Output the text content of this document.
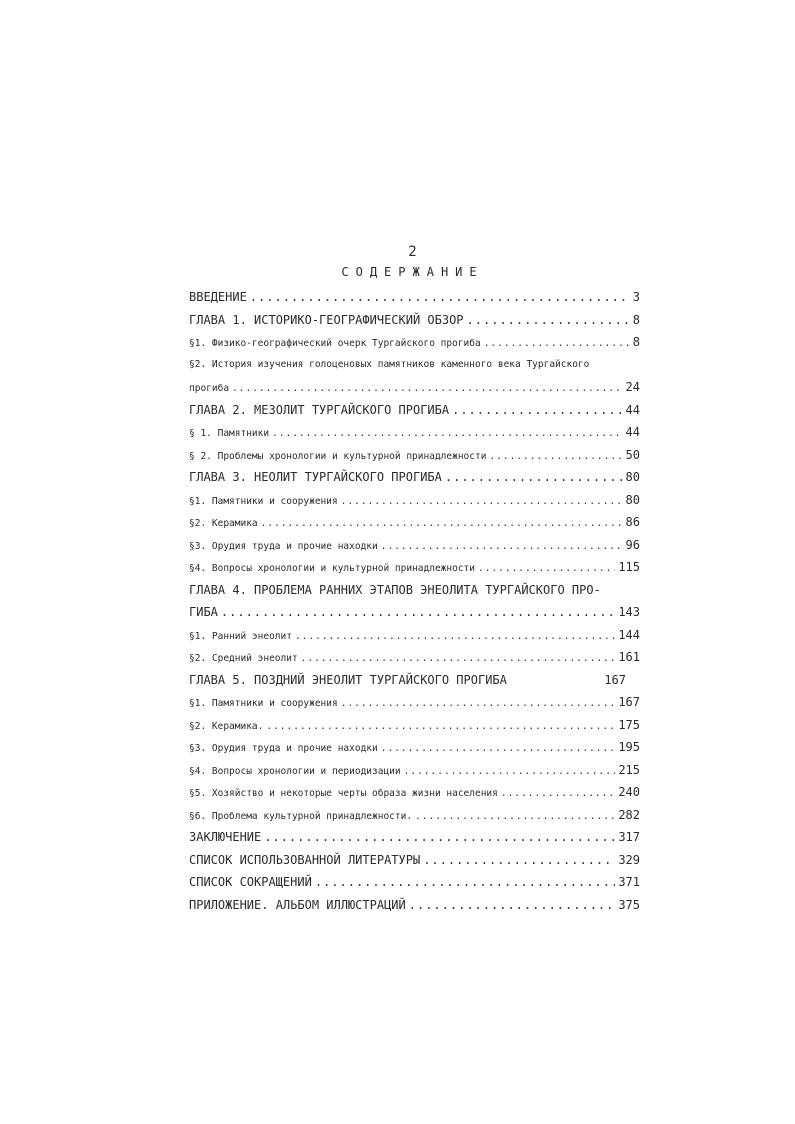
2
СОДЕРЖАНИЕ
ВВЕДЕНИЕ .....	3
ГЛАВА 1. ИСТОРИКО-ГЕОГРАФИЧЕСКИЙ ОБЗОР .....	8
§1. Физико-географический очерк Тургайского прогиба .....	8
§2. История изучения голоценовых памятников каменного века Тургайского
прогиба .....	24
ГЛАВА 2. МЕЗОЛИТ ТУРГАЙСКОГО ПРОГИБА .....	44
§ 1. Памятники .....	44
§ 2. Проблемы хронологии и культурной принадлежности .....	50
ГЛАВА 3. НЕОЛИТ ТУРГАЙСКОГО ПРОГИБА .....	80
§1. Памятники и сооружения .....	80
§2. Керамика .....	86
§3. Орудия труда и прочие находки .....	96
§4. Вопросы хронологии и культурной принадлежности .....	115
ГЛАВА 4. ПРОБЛЕМА РАННИХ ЭТАПОВ ЭНЕОЛИТА ТУРГАЙСКОГО ПРО-
ГИБА .....	143
§1. Ранний энеолит .....	144
§2. Средний энеолит .....	161
ГЛАВА 5. ПОЗДНИЙ ЭНЕОЛИТ ТУРГАЙСКОГО ПРОГИБА	167
§1. Памятники и сооружения .....	167
§2. Керамика. .....	175
§3. Орудия труда и прочие находки .....	195
§4. Вопросы хронологии и периодизации .....	215
§5. Хозяйство и некоторые черты образа жизни населения .....	240
§6. Проблема культурной принадлежности. .....	282
ЗАКЛЮЧЕНИЕ .....	317
СПИСОК ИСПОЛЬЗОВАННОЙ ЛИТЕРАТУРЫ .....	329
СПИСОК СОКРАЩЕНИЙ .....	371
ПРИЛОЖЕНИЕ. АЛЬБОМ ИЛЛЮСТРАЦИЙ .....	375
